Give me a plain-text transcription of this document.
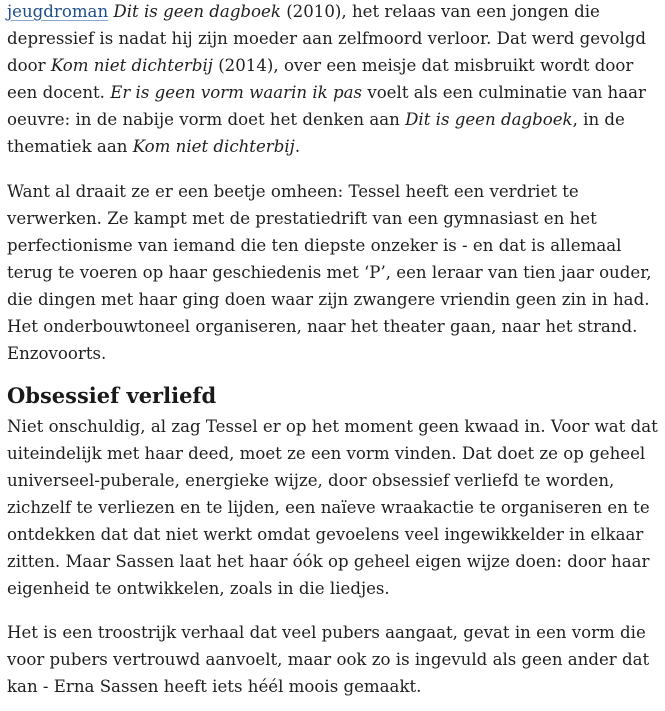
jeugdroman Dit is geen dagboek (2010), het relaas van een jongen die depressief is nadat hij zijn moeder aan zelfmoord verloor. Dat werd gevolgd door Kom niet dichterbij (2014), over een meisje dat misbruikt wordt door een docent. Er is geen vorm waarin ik pas voelt als een culminatie van haar oeuvre: in de nabije vorm doet het denken aan Dit is geen dagboek, in de thematiek aan Kom niet dichterbij.

Want al draait ze er een beetje omheen: Tessel heeft een verdriet te verwerken. Ze kampt met de prestatiedrift van een gymnasiast en het perfectionisme van iemand die ten diepste onzeker is - en dat is allemaal terug te voeren op haar geschiedenis met ‘P’, een leraar van tien jaar ouder, die dingen met haar ging doen waar zijn zwangere vriendin geen zin in had. Het onderbouwtoneel organiseren, naar het theater gaan, naar het strand. Enzovoorts.

Obsessief verliefd

Niet onschuldig, al zag Tessel er op het moment geen kwaad in. Voor wat dat uiteindelijk met haar deed, moet ze een vorm vinden. Dat doet ze op geheel universeel-puberale, energieke wijze, door obsessief verliefd te worden, zichzelf te verliezen en te lijden, een naïeve wraakactie te organiseren en te ontdekken dat dat niet werkt omdat gevoelens veel ingewikkelder in elkaar zitten. Maar Sassen laat het haar óók op geheel eigen wijze doen: door haar eigenheid te ontwikkelen, zoals in die liedjes.

Het is een troostrijk verhaal dat veel pubers aangaat, gevat in een vorm die voor pubers vertrouwd aanvoelt, maar ook zo is ingevuld als geen ander dat kan - Erna Sassen heeft iets héél moois gemaakt.
